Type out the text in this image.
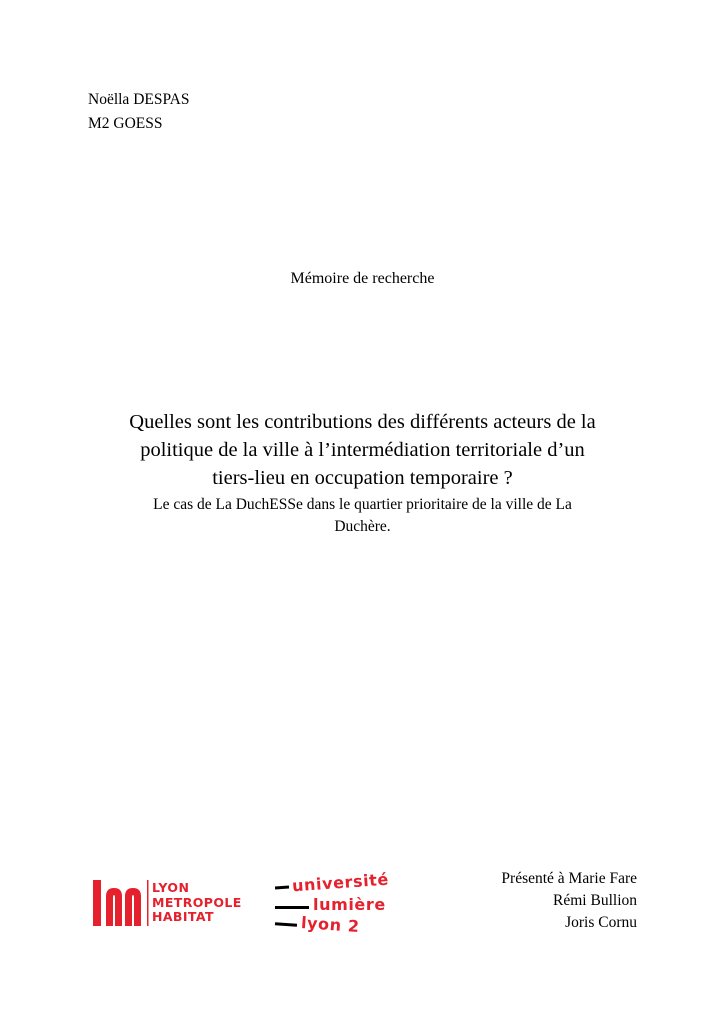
Noëlla DESPAS
M2 GOESS
Mémoire de recherche

Quelles sont les contributions des différents acteurs de la
politique de la ville à l’intermédiation territoriale d’un
tiers-lieu en occupation temporaire ?

Le cas de La DuchESSe dans le quartier prioritaire de la ville de La
Duchère.

LYON
METROPOLE
HABITAT
université
lumière
lyon 2
Présenté à Marie Fare
Rémi Bullion
Joris Cornu
